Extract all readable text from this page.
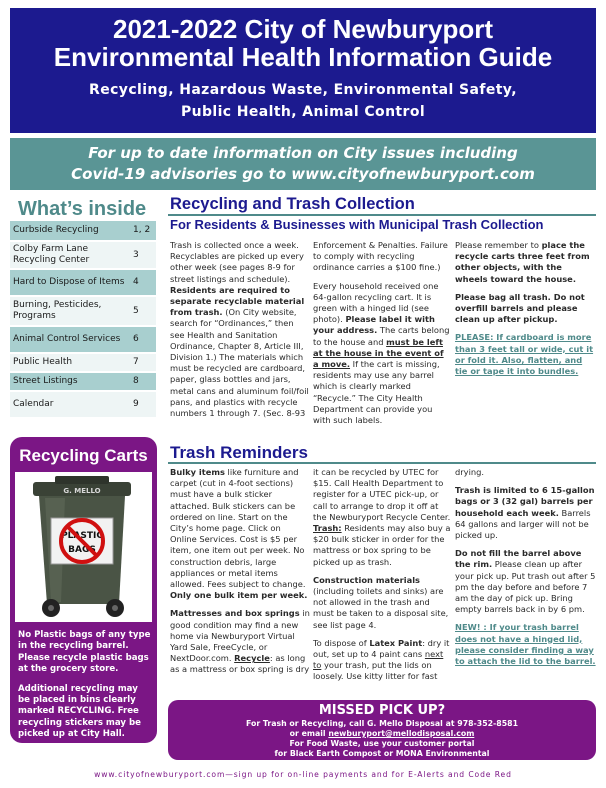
2021-2022 City of Newburyport
Environmental Health Information Guide
Recycling, Hazardous Waste, Environmental Safety,
Public Health, Animal Control
For up to date information on City issues including
Covid-19 advisories go to www.cityofnewburyport.com
What’s inside
Curbside Recycling	1, 2
Colby Farm Lane Recycling Center	3
Hard to Dispose of Items	4
Burning, Pesticides, Programs	5
Animal Control Services	6
Public Health	7
Street Listings	8
Calendar	9
Recycling and Trash Collection
For Residents & Businesses with Municipal Trash Collection

Trash is collected once a week. Recyclables are picked up every other week (see pages 8-9 for street listings and schedule). Residents are required to separate recyclable material from trash. (On City website, search for “Ordinances,” then see Health and Sanitation Ordinance, Chapter 8, Article III, Division 1.) The materials which must be recycled are cardboard, paper, glass bottles and jars, metal cans and aluminum foil/foil pans, and plastics with recycle numbers 1 through 7. (Sec. 8-93

Enforcement & Penalties. Failure to comply with recycling ordinance carries a $100 fine.)

Every household received one 64-gallon recycling cart. It is green with a hinged lid (see photo). Please label it with your address. The carts belong to the house and must be left at the house in the event of a move. If the cart is missing, residents may use any barrel which is clearly marked “Recycle.” The City Health Department can provide you with such labels.

Please remember to place the recycle carts three feet from other objects, with the wheels toward the house.

Please bag all trash. Do not overfill barrels and please clean up after pickup.

PLEASE: If cardboard is more than 3 feet tall or wide, cut it or fold it. Also, flatten, and tie or tape it into bundles.

Recycling Carts
G. MELLO
PLASTIC
BAGS

No Plastic bags of any type in the recycling barrel. Please recycle plastic bags at the grocery store.

Additional recycling may be placed in bins clearly marked RECYCLING. Free recycling stickers may be picked up at City Hall.

Trash Reminders

Bulky items like furniture and carpet (cut in 4-foot sections) must have a bulk sticker attached. Bulk stickers can be ordered on line. Start on the City’s home page. Click on Online Services. Cost is $5 per item, one item out per week. No construction debris, large appliances or metal items allowed. Fees subject to change. Only one bulk item per week.

Mattresses and box springs in good condition may find a new home via Newburyport Virtual Yard Sale, FreeCycle, or NextDoor.com. Recycle: as long as a mattress or box spring is dry

it can be recycled by UTEC for $15. Call Health Department to register for a UTEC pick-up, or call to arrange to drop it off at the Newburyport Recycle Center. Trash: Residents may also buy a $20 bulk sticker in order for the mattress or box spring to be picked up as trash.

Construction materials (including toilets and sinks) are not allowed in the trash and must be taken to a disposal site, see list page 4.

To dispose of Latex Paint: dry it out, set up to 4 paint cans next to your trash, put the lids on loosely. Use kitty litter for fast

drying.

Trash is limited to 6 15-gallon bags or 3 (32 gal) barrels per household each week. Barrels 64 gallons and larger will not be picked up.

Do not fill the barrel above the rim. Please clean up after your pick up. Put trash out after 5 pm the day before and before 7 am the day of pick up. Bring empty barrels back in by 6 pm.

NEW! : If your trash barrel does not have a hinged lid, please consider finding a way to attach the lid to the barrel.

MISSED PICK UP?
For Trash or Recycling, call G. Mello Disposal at 978-352-8581
or email newburyport@mellodisposal.com
For Food Waste, use your customer portal
for Black Earth Compost or MONA Environmental
www.cityofnewburyport.com—sign up for on-line payments and for E-Alerts and Code Red
